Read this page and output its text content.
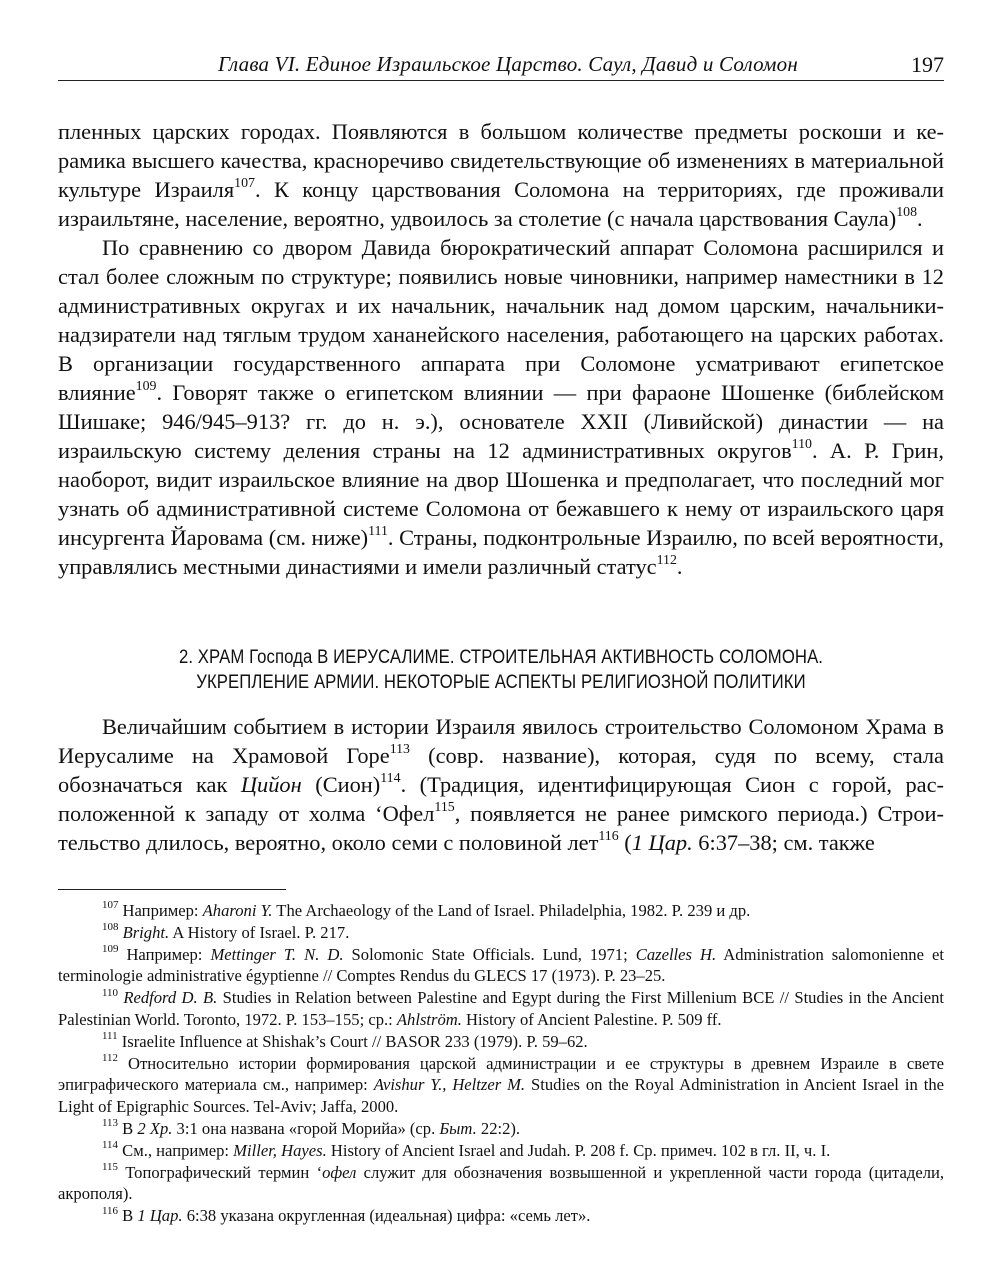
Глава VI. Единое Израильское Царство. Саул, Давид и Соломон	197

пленных царских городах. Появляются в большом количестве предметы роскоши и керамика высшего качества, красноречиво свидетельствующие об изменениях в материальной культуре Израиля$^{107}$. К концу царствования Соломона на территориях, где проживали израильтяне, население, вероятно, удвоилось за столетие (с начала царствования Саула)$^{108}$.

По сравнению со двором Давида бюрократический аппарат Соломона расширился и стал более сложным по структуре; появились новые чиновники, например наместники в 12 административных округах и их начальник, начальник над домом царским, начальники-надзиратели над тяглым трудом хананейского населения, работающего на царских работах. В организации государственного аппарата при Соломоне усматривают египетское влияние$^{109}$. Говорят также о египетском влиянии — при фараоне Шошенке (библейском Шишаке; 946/945–913? гг. до н. э.), основателе XXII (Ливийской) династии — на израильскую систему деления страны на 12 административных округов$^{110}$. А. Р. Грин, наоборот, видит израильское влияние на двор Шошенка и предполагает, что последний мог узнать об административной системе Соломона от бежавшего к нему от израильского царя инсургента Йаровама (см. ниже)$^{111}$. Страны, подконтрольные Израилю, по всей вероятности, управлялись местными династиями и имели различный статус$^{112}$.

2. ХРАМ Господа В ИЕРУСАЛИМЕ. СТРОИТЕЛЬНАЯ АКТИВНОСТЬ СОЛОМОНА.
УКРЕПЛЕНИЕ АРМИИ. НЕКОТОРЫЕ АСПЕКТЫ РЕЛИГИОЗНОЙ ПОЛИТИКИ

Величайшим событием в истории Израиля явилось строительство Соломоном Храма в Иерусалиме на Храмовой Горе$^{113}$ (совр. название), которая, судя по всему, стала обозначаться как Цийон (Сион)$^{114}$. (Традиция, идентифицирующая Сион с горой, расположенной к западу от холма ‘Офел$^{115}$, появляется не ранее римского периода.) Строительство длилось, вероятно, около семи с половиной лет$^{116}$ (1 Цар. 6:37–38; см. также

$^{107}$ Например: Aharoni Y. The Archaeology of the Land of Israel. Philadelphia, 1982. P. 239 и др.

$^{108}$ Bright. A History of Israel. P. 217.

$^{109}$ Например: Mettinger T. N. D. Solomonic State Officials. Lund, 1971; Cazelles H. Administration salomonienne et terminologie administrative égyptienne // Comptes Rendus du GLECS 17 (1973). P. 23–25.

$^{110}$ Redford D. B. Studies in Relation between Palestine and Egypt during the First Millenium BCE // Studies in the Ancient Palestinian World. Toronto, 1972. P. 153–155; ср.: Ahlström. History of Ancient Palestine. P. 509 ff.

$^{111}$ Israelite Influence at Shishak’s Court // BASOR 233 (1979). P. 59–62.

$^{112}$ Относительно истории формирования царской администрации и ее структуры в древнем Израиле в свете эпиграфического материала см., например: Avishur Y., Heltzer M. Studies on the Royal Administration in Ancient Israel in the Light of Epigraphic Sources. Tel-Aviv; Jaffa, 2000.

$^{113}$ В 2 Хр. 3:1 она названа «горой Морийа» (ср. Быт. 22:2).

$^{114}$ См., например: Miller, Hayes. History of Ancient Israel and Judah. P. 208 f. Ср. примеч. 102 в гл. II, ч. I.

$^{115}$ Топографический термин ‘офел служит для обозначения возвышенной и укрепленной части города (цитадели, акрополя).

$^{116}$ В 1 Цар. 6:38 указана округленная (идеальная) цифра: «семь лет».
